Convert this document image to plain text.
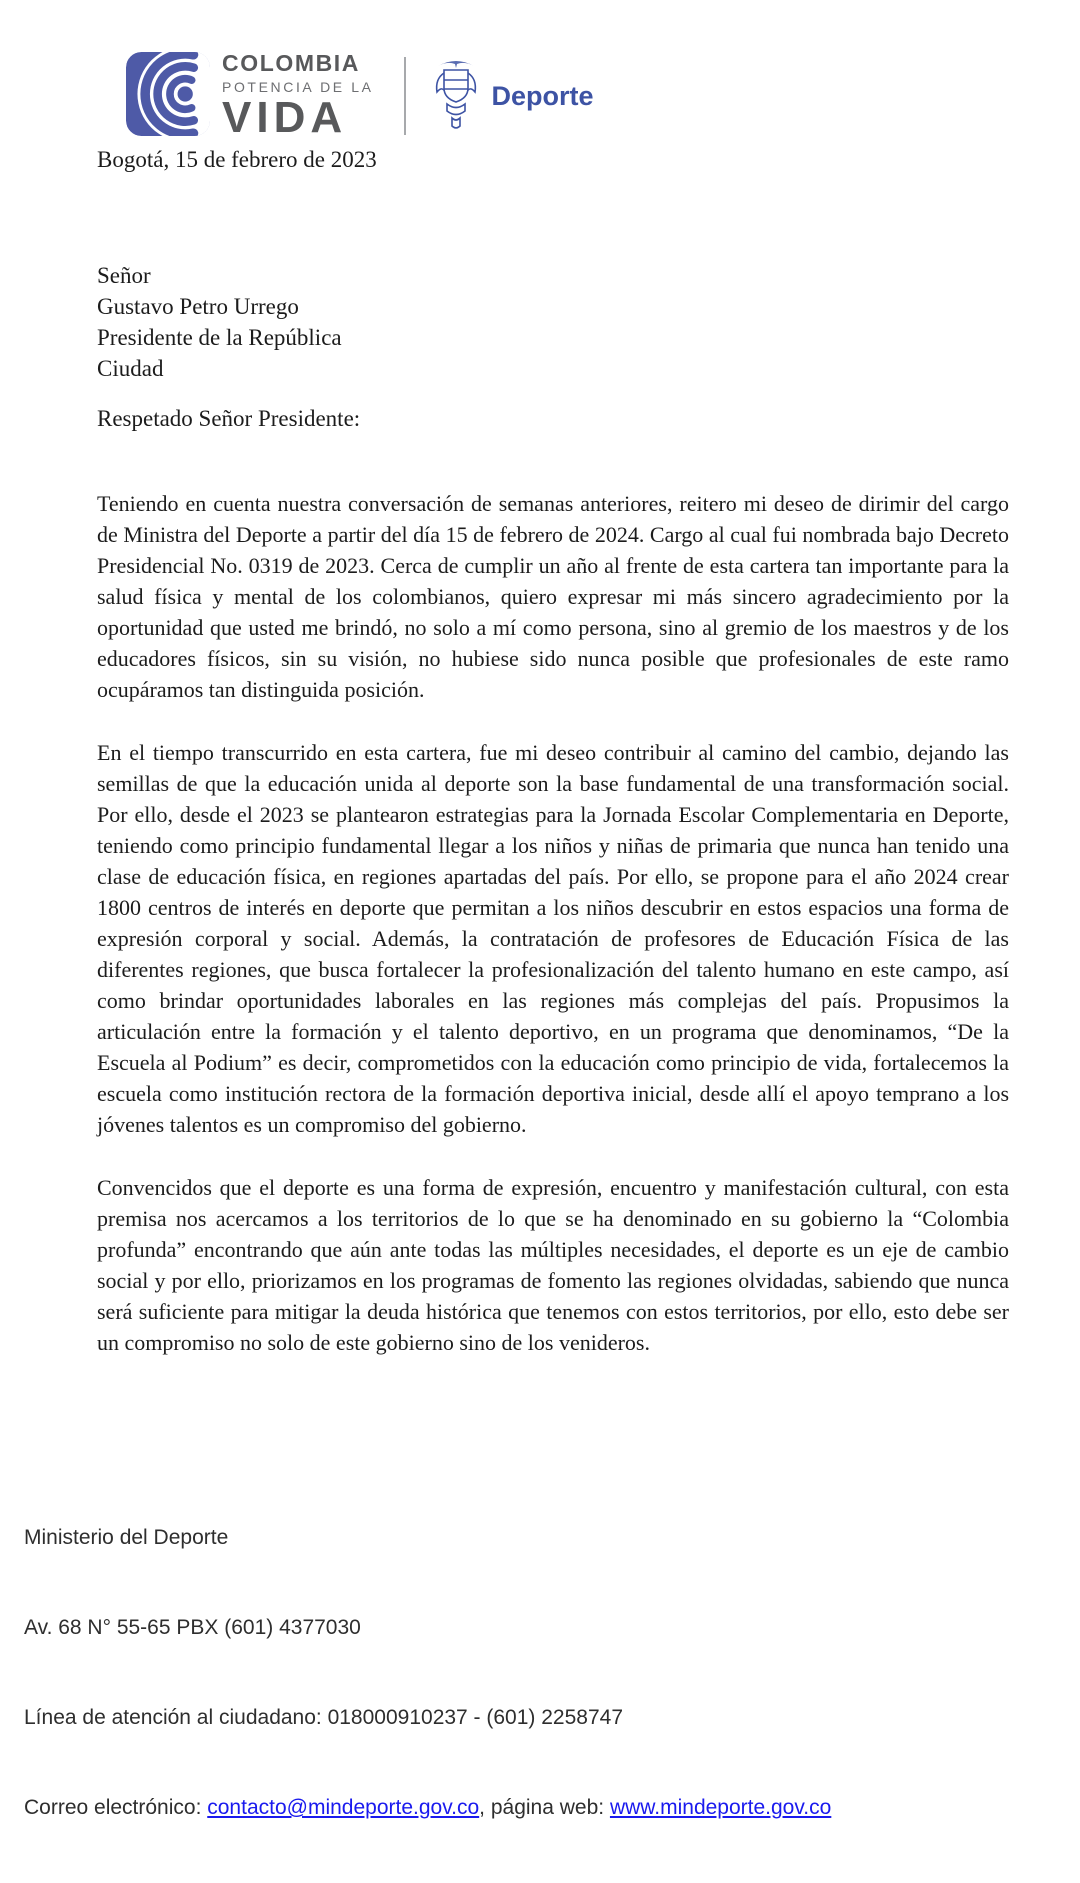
COLOMBIA
POTENCIA DE LA
VIDA	Deporte
Bogotá, 15 de febrero de 2023
Señor
Gustavo Petro Urrego
Presidente de la República
Ciudad
Respetado Señor Presidente:

Teniendo en cuenta nuestra conversación de semanas anteriores, reitero mi deseo de dirimir del cargo de Ministra del Deporte a partir del día 15 de febrero de 2024. Cargo al cual fui nombrada bajo Decreto Presidencial No. 0319 de 2023. Cerca de cumplir un año al frente de esta cartera tan importante para la salud física y mental de los colombianos, quiero expresar mi más sincero agradecimiento por la oportunidad que usted me brindó, no solo a mí como persona, sino al gremio de los maestros y de los educadores físicos, sin su visión, no hubiese sido nunca posible que profesionales de este ramo ocupáramos tan distinguida posición.

En el tiempo transcurrido en esta cartera, fue mi deseo contribuir al camino del cambio, dejando las semillas de que la educación unida al deporte son la base fundamental de una transformación social. Por ello, desde el 2023 se plantearon estrategias para la Jornada Escolar Complementaria en Deporte, teniendo como principio fundamental llegar a los niños y niñas de primaria que nunca han tenido una clase de educación física, en regiones apartadas del país. Por ello, se propone para el año 2024 crear 1800 centros de interés en deporte que permitan a los niños descubrir en estos espacios una forma de expresión corporal y social. Además, la contratación de profesores de Educación Física de las diferentes regiones, que busca fortalecer la profesionalización del talento humano en este campo, así como brindar oportunidades laborales en las regiones más complejas del país. Propusimos la articulación entre la formación y el talento deportivo, en un programa que denominamos, “De la Escuela al Podium” es decir, comprometidos con la educación como principio de vida, fortalecemos la escuela como institución rectora de la formación deportiva inicial, desde allí el apoyo temprano a los jóvenes talentos es un compromiso del gobierno.

Convencidos que el deporte es una forma de expresión, encuentro y manifestación cultural, con esta premisa nos acercamos a los territorios de lo que se ha denominado en su gobierno la “Colombia profunda” encontrando que aún ante todas las múltiples necesidades, el deporte es un eje de cambio social y por ello, priorizamos en los programas de fomento las regiones olvidadas, sabiendo que nunca será suficiente para mitigar la deuda histórica que tenemos con estos territorios, por ello, esto debe ser un compromiso no solo de este gobierno sino de los venideros.

Ministerio del Deporte

Av. 68 N° 55-65 PBX (601) 4377030

Línea de atención al ciudadano: 018000910237 - (601) 2258747

Correo electrónico: contacto@mindeporte.gov.co, página web: www.mindeporte.gov.co
